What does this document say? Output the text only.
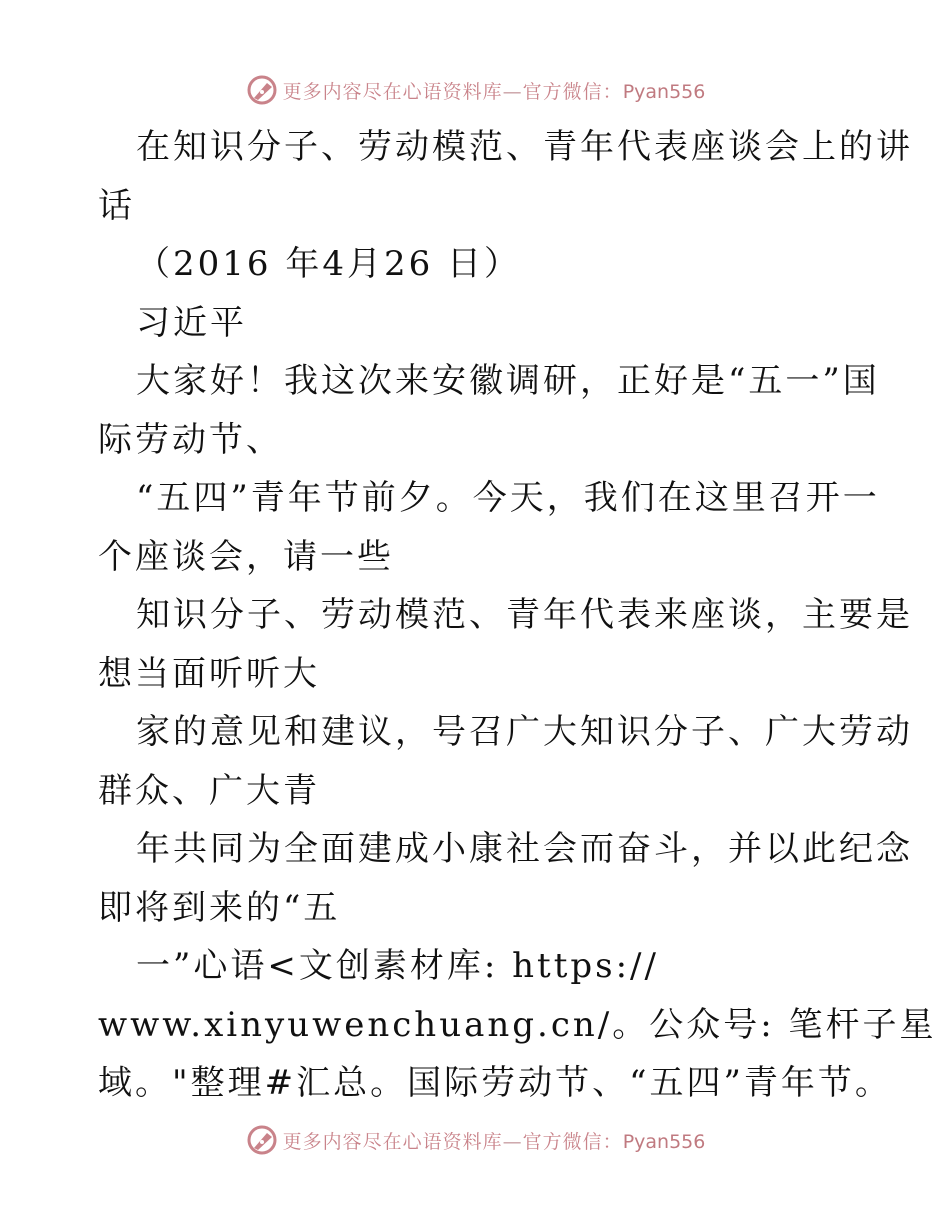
更多内容尽在心语资料库—官方微信：Pyan556
在知识分子、劳动模范、青年代表座谈会上的讲
话
（2016 年4月26 日）
习近平
大家好！我这次来安徽调研，正好是“五一”国
际劳动节、
“五四”青年节前夕。今天，我们在这里召开一
个座谈会，请一些
知识分子、劳动模范、青年代表来座谈，主要是
想当面听听大
家的意见和建议，号召广大知识分子、广大劳动
群众、广大青
年共同为全面建成小康社会而奋斗，并以此纪念
即将到来的“五
一”心语<文创素材库: https://
www.xinyuwenchuang.cn/。公众号: 笔杆子星
域。"整理#汇总。国际劳动节、“五四”青年节。
更多内容尽在心语资料库—官方微信：Pyan556
